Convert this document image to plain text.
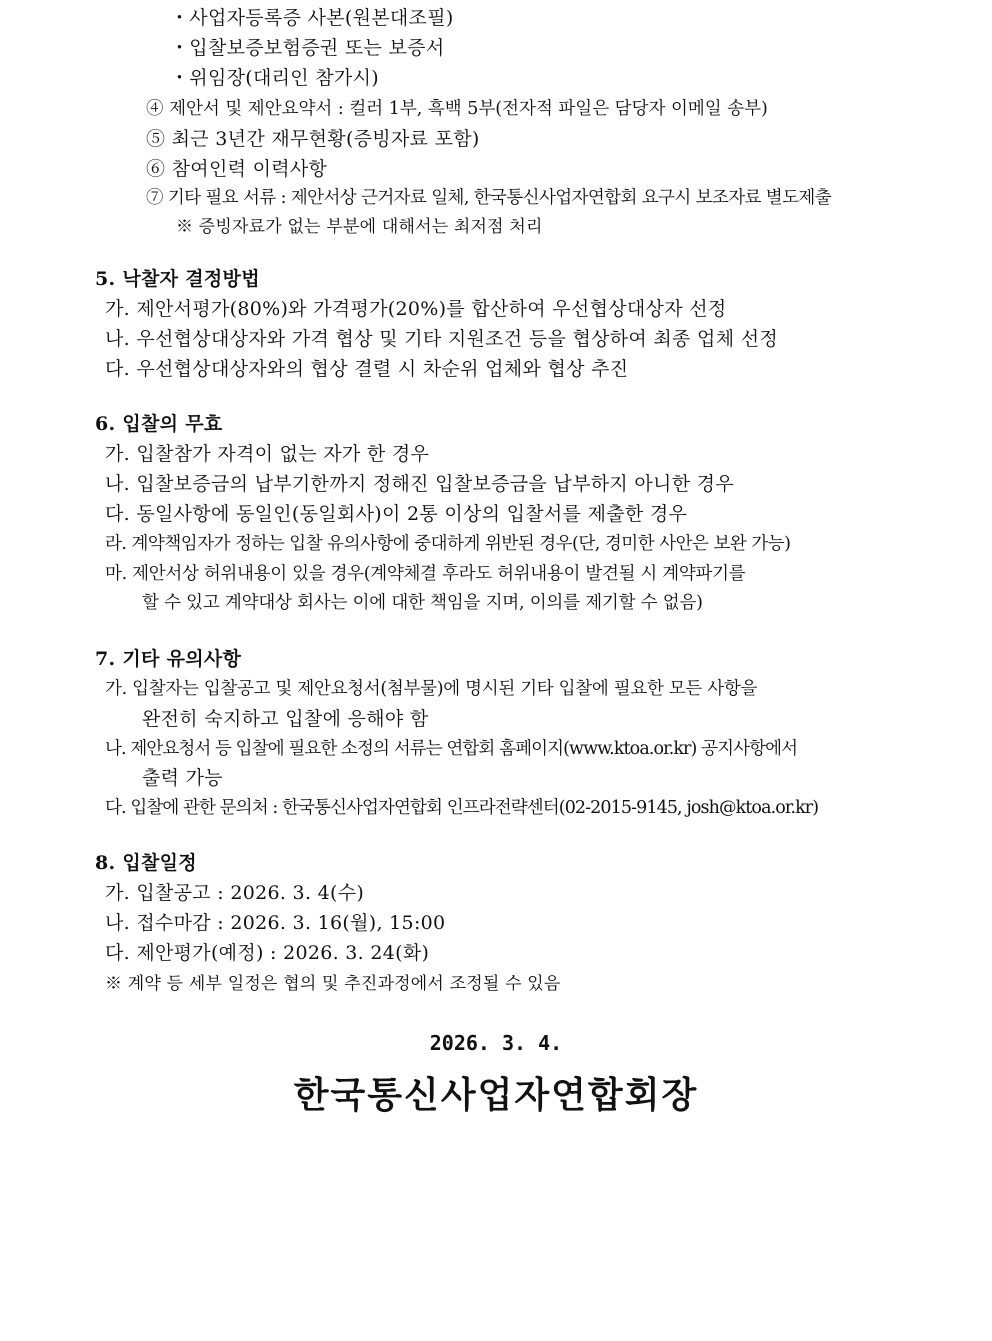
・사업자등록증 사본(원본대조필)
・입찰보증보험증권 또는 보증서
・위임장(대리인 참가시)
④ 제안서 및 제안요약서 : 컬러 1부, 흑백 5부(전자적 파일은 담당자 이메일 송부)
⑤ 최근 3년간 재무현황(증빙자료 포함)
⑥ 참여인력 이력사항
⑦ 기타 필요 서류 : 제안서상 근거자료 일체, 한국통신사업자연합회 요구시 보조자료 별도제출
※ 증빙자료가 없는 부분에 대해서는 최저점 처리
5. 낙찰자 결정방법
가. 제안서평가(80%)와 가격평가(20%)를 합산하여 우선협상대상자 선정
나. 우선협상대상자와 가격 협상 및 기타 지원조건 등을 협상하여 최종 업체 선정
다. 우선협상대상자와의 협상 결렬 시 차순위 업체와 협상 추진
6. 입찰의 무효
가. 입찰참가 자격이 없는 자가 한 경우
나. 입찰보증금의 납부기한까지 정해진 입찰보증금을 납부하지 아니한 경우
다. 동일사항에 동일인(동일회사)이 2통 이상의 입찰서를 제출한 경우
라. 계약책임자가 정하는 입찰 유의사항에 중대하게 위반된 경우(단, 경미한 사안은 보완 가능)
마. 제안서상 허위내용이 있을 경우(계약체결 후라도 허위내용이 발견될 시 계약파기를
할 수 있고 계약대상 회사는 이에 대한 책임을 지며, 이의를 제기할 수 없음)
7. 기타 유의사항
가. 입찰자는 입찰공고 및 제안요청서(첨부물)에 명시된 기타 입찰에 필요한 모든 사항을
완전히 숙지하고 입찰에 응해야 함
나. 제안요청서 등 입찰에 필요한 소정의 서류는 연합회 홈페이지(www.ktoa.or.kr) 공지사항에서
출력 가능
다. 입찰에 관한 문의처 : 한국통신사업자연합회 인프라전략센터(02-2015-9145, josh@ktoa.or.kr)
8. 입찰일정
가. 입찰공고 : 2026. 3. 4(수)
나. 접수마감 : 2026. 3. 16(월), 15:00
다. 제안평가(예정) : 2026. 3. 24(화)
※ 계약 등 세부 일정은 협의 및 추진과정에서 조정될 수 있음
2026. 3. 4.
한국통신사업자연합회장
